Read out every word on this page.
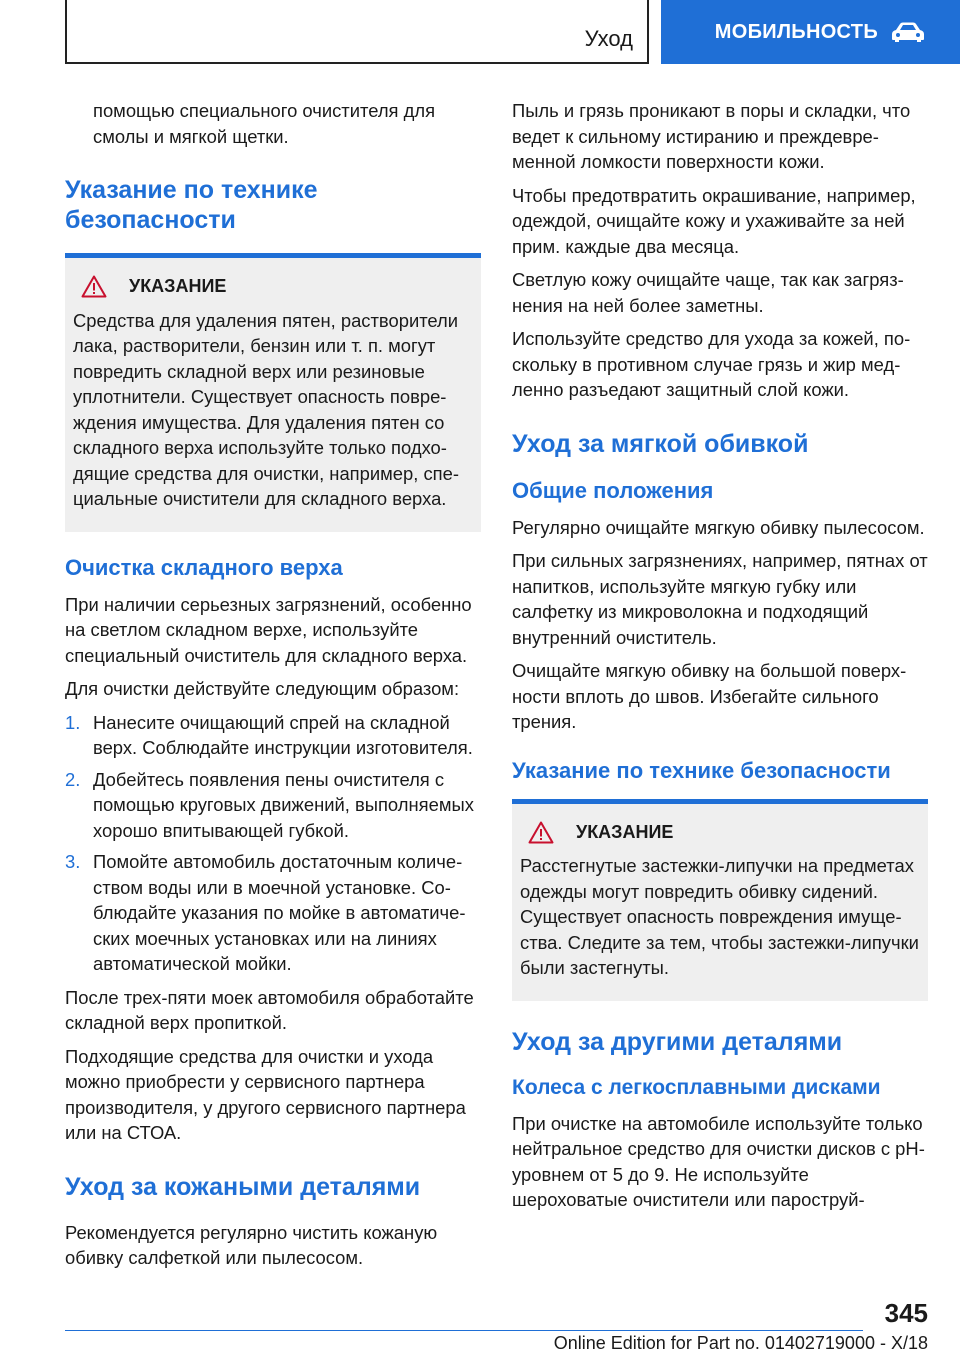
Уход	МОБИЛЬНОСТЬ

помощью специального очистителя для смолы и мягкой щетки.

Указание по технике безопасности
УКАЗАНИЕ

Средства для удаления пятен, растворители лака, растворители, бензин или т. п. могут повредить складной верх или резиновые уплотнители. Существует опасность повреждения имущества. Для удаления пятен со складного верха используйте только подходящие средства для очистки, например, специальные очистители для складного верха.

Очистка складного верха

При наличии серьезных загрязнений, особенно на светлом складном верхе, используйте специальный очиститель для складного верха.

Для очистки действуйте следующим образом:

1. Нанесите очищающий спрей на складной верх. Соблюдайте инструкции изготовителя.
2. Добейтесь появления пены очистителя с помощью круговых движений, выполняемых хорошо впитывающей губкой.
3. Помойте автомобиль достаточным количеством воды или в моечной установке. Соблюдайте указания по мойке в автоматических моечных установках или на линиях автоматической мойки.

После трех-пяти моек автомобиля обработайте складной верх пропиткой.

Подходящие средства для очистки и ухода можно приобрести у сервисного партнера производителя, у другого сервисного партнера или на СТОА.

Уход за кожаными деталями

Рекомендуется регулярно чистить кожаную обивку салфеткой или пылесосом.

Пыль и грязь проникают в поры и складки, что ведет к сильному истиранию и преждевременной ломкости поверхности кожи.

Чтобы предотвратить окрашивание, например, одеждой, очищайте кожу и ухаживайте за ней прим. каждые два месяца.

Светлую кожу очищайте чаще, так как загрязнения на ней более заметны.

Используйте средство для ухода за кожей, поскольку в противном случае грязь и жир медленно разъедают защитный слой кожи.

Уход за мягкой обивкой
Общие положения

Регулярно очищайте мягкую обивку пылесосом.

При сильных загрязнениях, например, пятнах от напитков, используйте мягкую губку или салфетку из микроволокна и подходящий внутренний очиститель.

Очищайте мягкую обивку на большой поверхности вплоть до швов. Избегайте сильного трения.

Указание по технике безопасности
УКАЗАНИЕ

Расстегнутые застежки-липучки на предметах одежды могут повредить обивку сидений. Существует опасность повреждения имущества. Следите за тем, чтобы застежки-липучки были застегнуты.

Уход за другими деталями
Колеса с легкосплавными дисками

При очистке на автомобиле используйте только нейтральное средство для очистки дисков с pH-уровнем от 5 до 9. Не используйте шероховатые очистители или пароструй-

345
Online Edition for Part no. 01402719000 - X/18
